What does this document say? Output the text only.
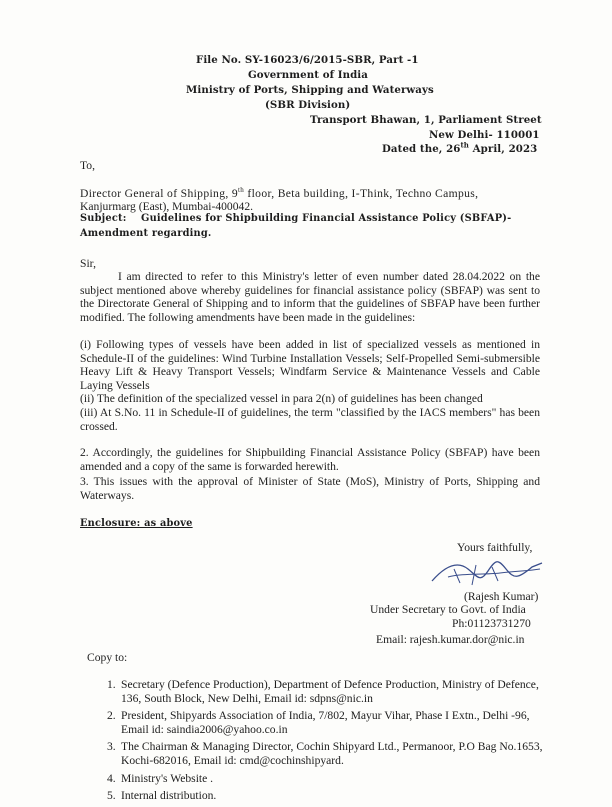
File No. SY-16023/6/2015-SBR, Part -1
Government of India
Ministry of Ports, Shipping and Waterways
(SBR Division)
Transport Bhawan, 1, Parliament Street
New Delhi- 110001
Dated the, 26th April, 2023
To,
Director General of Shipping, 9th floor, Beta building, I-Think, Techno Campus,
Kanjurmarg (East), Mumbai-400042.
Subject: Guidelines for Shipbuilding Financial Assistance Policy (SBFAP)-
Amendment regarding.
Sir,
I am directed to refer to this Ministry's letter of even number dated 28.04.2022 on the subject mentioned above whereby guidelines for financial assistance policy (SBFAP) was sent to the Directorate General of Shipping and to inform that the guidelines of SBFAP have been further modified. The following amendments have been made in the guidelines:
(i) Following types of vessels have been added in list of specialized vessels as mentioned in Schedule-II of the guidelines: Wind Turbine Installation Vessels; Self-Propelled Semi-submersible Heavy Lift & Heavy Transport Vessels; Windfarm Service & Maintenance Vessels and Cable Laying Vessels
(ii) The definition of the specialized vessel in para 2(n) of guidelines has been changed
(iii) At S.No. 11 in Schedule-II of guidelines, the term "classified by the IACS members" has been crossed.
2. Accordingly, the guidelines for Shipbuilding Financial Assistance Policy (SBFAP) have been amended and a copy of the same is forwarded herewith.
3. This issues with the approval of Minister of State (MoS), Ministry of Ports, Shipping and Waterways.
Enclosure: as above
Yours faithfully,
(Rajesh Kumar)
Under Secretary to Govt. of India
Ph:01123731270
Email: rajesh.kumar.dor@nic.in
Copy to:
1. Secretary (Defence Production), Department of Defence Production, Ministry of Defence, 136, South Block, New Delhi, Email id: sdpns@nic.in
2. President, Shipyards Association of India, 7/802, Mayur Vihar, Phase I Extn., Delhi -96, Email id: saindia2006@yahoo.co.in
3. The Chairman & Managing Director, Cochin Shipyard Ltd., Permanoor, P.O Bag No.1653, Kochi-682016, Email id: cmd@cochinshipyard.
4. Ministry's Website .
5. Internal distribution.
